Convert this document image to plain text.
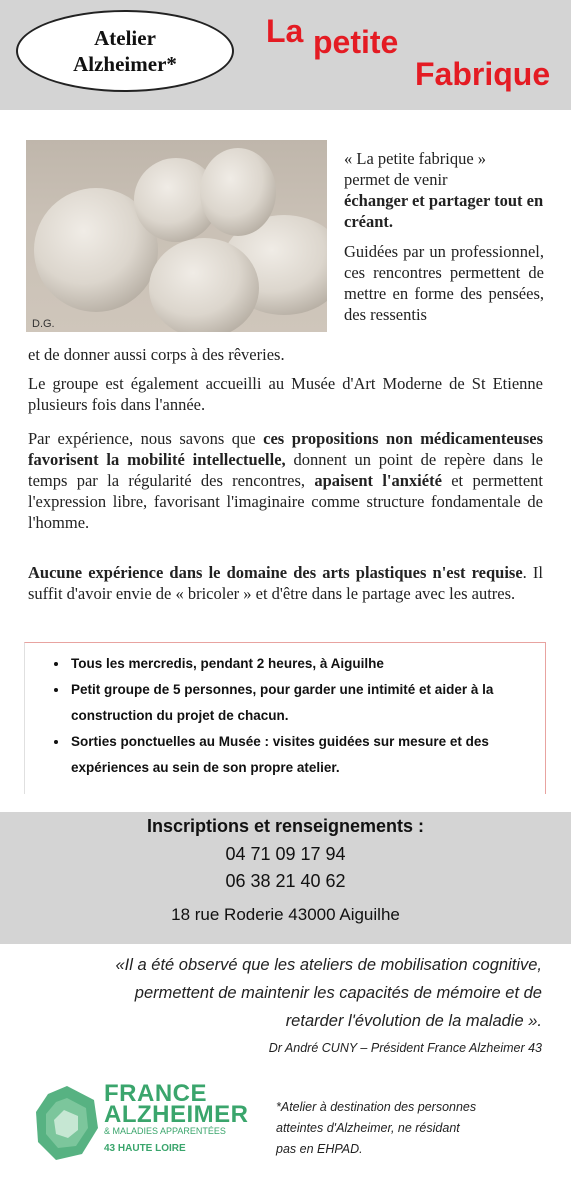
Atelier
Alzheimer*
La petite
Fabrique
D.G.

« La petite fabrique »

permet de venir

échanger et partager tout en créant.

Guidées par un professionnel, ces rencontres permettent de mettre en forme des pensées, des ressentis

et de donner aussi corps à des rêveries.
Le groupe est également accueilli au Musée d'Art Moderne de St Etienne plusieurs fois dans l'année.
Par expérience, nous savons que ces propositions non médicamenteuses favorisent la mobilité intellectuelle, donnent un point de repère dans le temps par la régularité des rencontres, apaisent l'anxiété et permettent l'expression libre, favorisant l'imaginaire comme structure fondamentale de l'homme.
Aucune expérience dans le domaine des arts plastiques n'est requise. Il suffit d'avoir envie de « bricoler » et d'être dans le partage avec les autres.
• Tous les mercredis, pendant 2 heures, à Aiguilhe
• Petit groupe de 5 personnes, pour garder une intimité et aider à la construction du projet de chacun.
• Sorties ponctuelles au Musée : visites guidées sur mesure et des expériences au sein de son propre atelier.
Inscriptions et renseignements :
04 71 09 17 94
06 38 21 40 62
18 rue Roderie 43000 Aiguilhe
«Il a été observé que les ateliers de mobilisation cognitive,
permettent de maintenir les capacités de mémoire et de
retarder l'évolution de la maladie ».
Dr André CUNY – Président France Alzheimer 43
FRANCE
ALZHEIMER
& MALADIES APPARENTÉES
43 HAUTE LOIRE
*Atelier à destination des personnes
atteintes d'Alzheimer, ne résidant
pas en EHPAD.
